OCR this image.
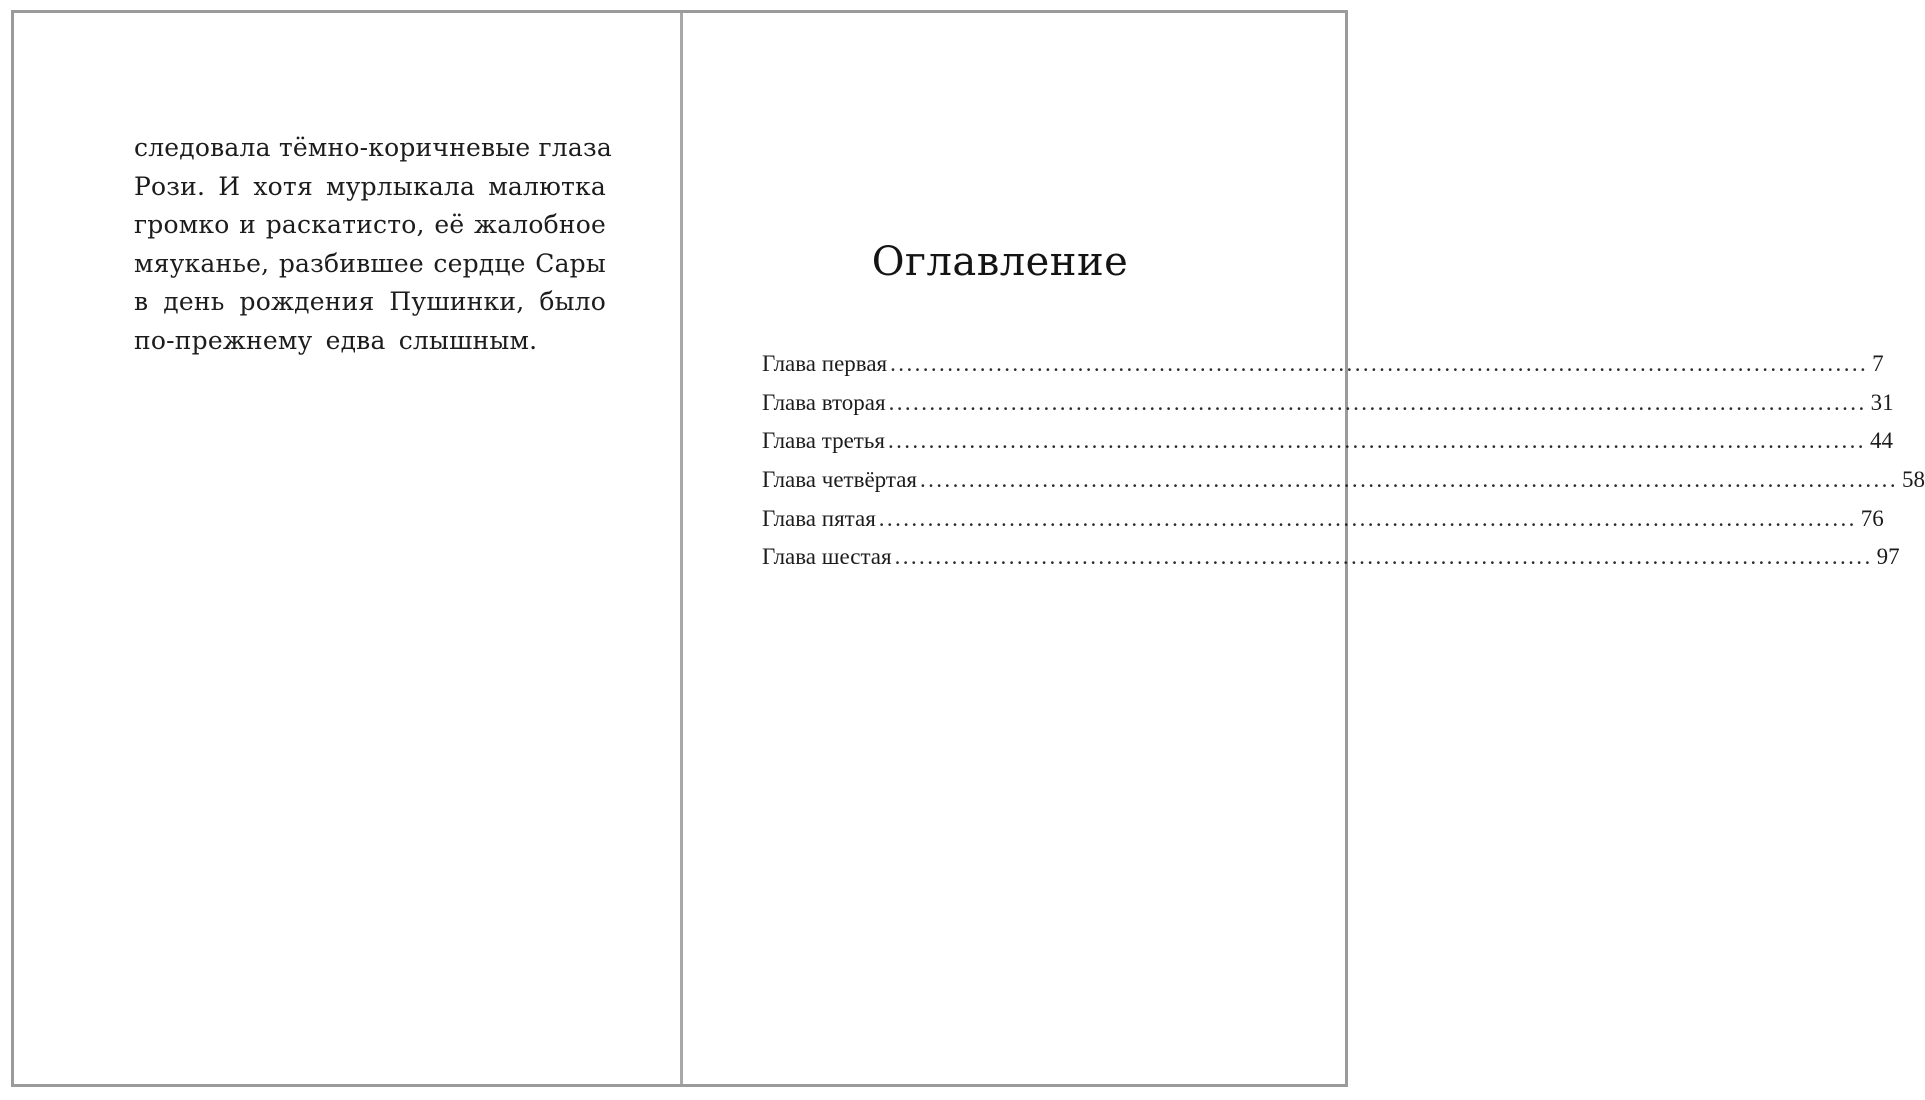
следовала тёмно-коричневые глаза
Рози. И хотя мурлыкала малютка
громко и раскатисто, её жалобное
мяуканье, разбившее сердце Сары
в день рождения Пушинки, было
по-прежнему едва слышным.
Оглавление
Глава первая ........................................................................................................................ 7
Глава вторая ........................................................................................................................ 31
Глава третья ........................................................................................................................ 44
Глава четвёртая ........................................................................................................................ 58
Глава пятая ........................................................................................................................ 76
Глава шестая ........................................................................................................................ 97
